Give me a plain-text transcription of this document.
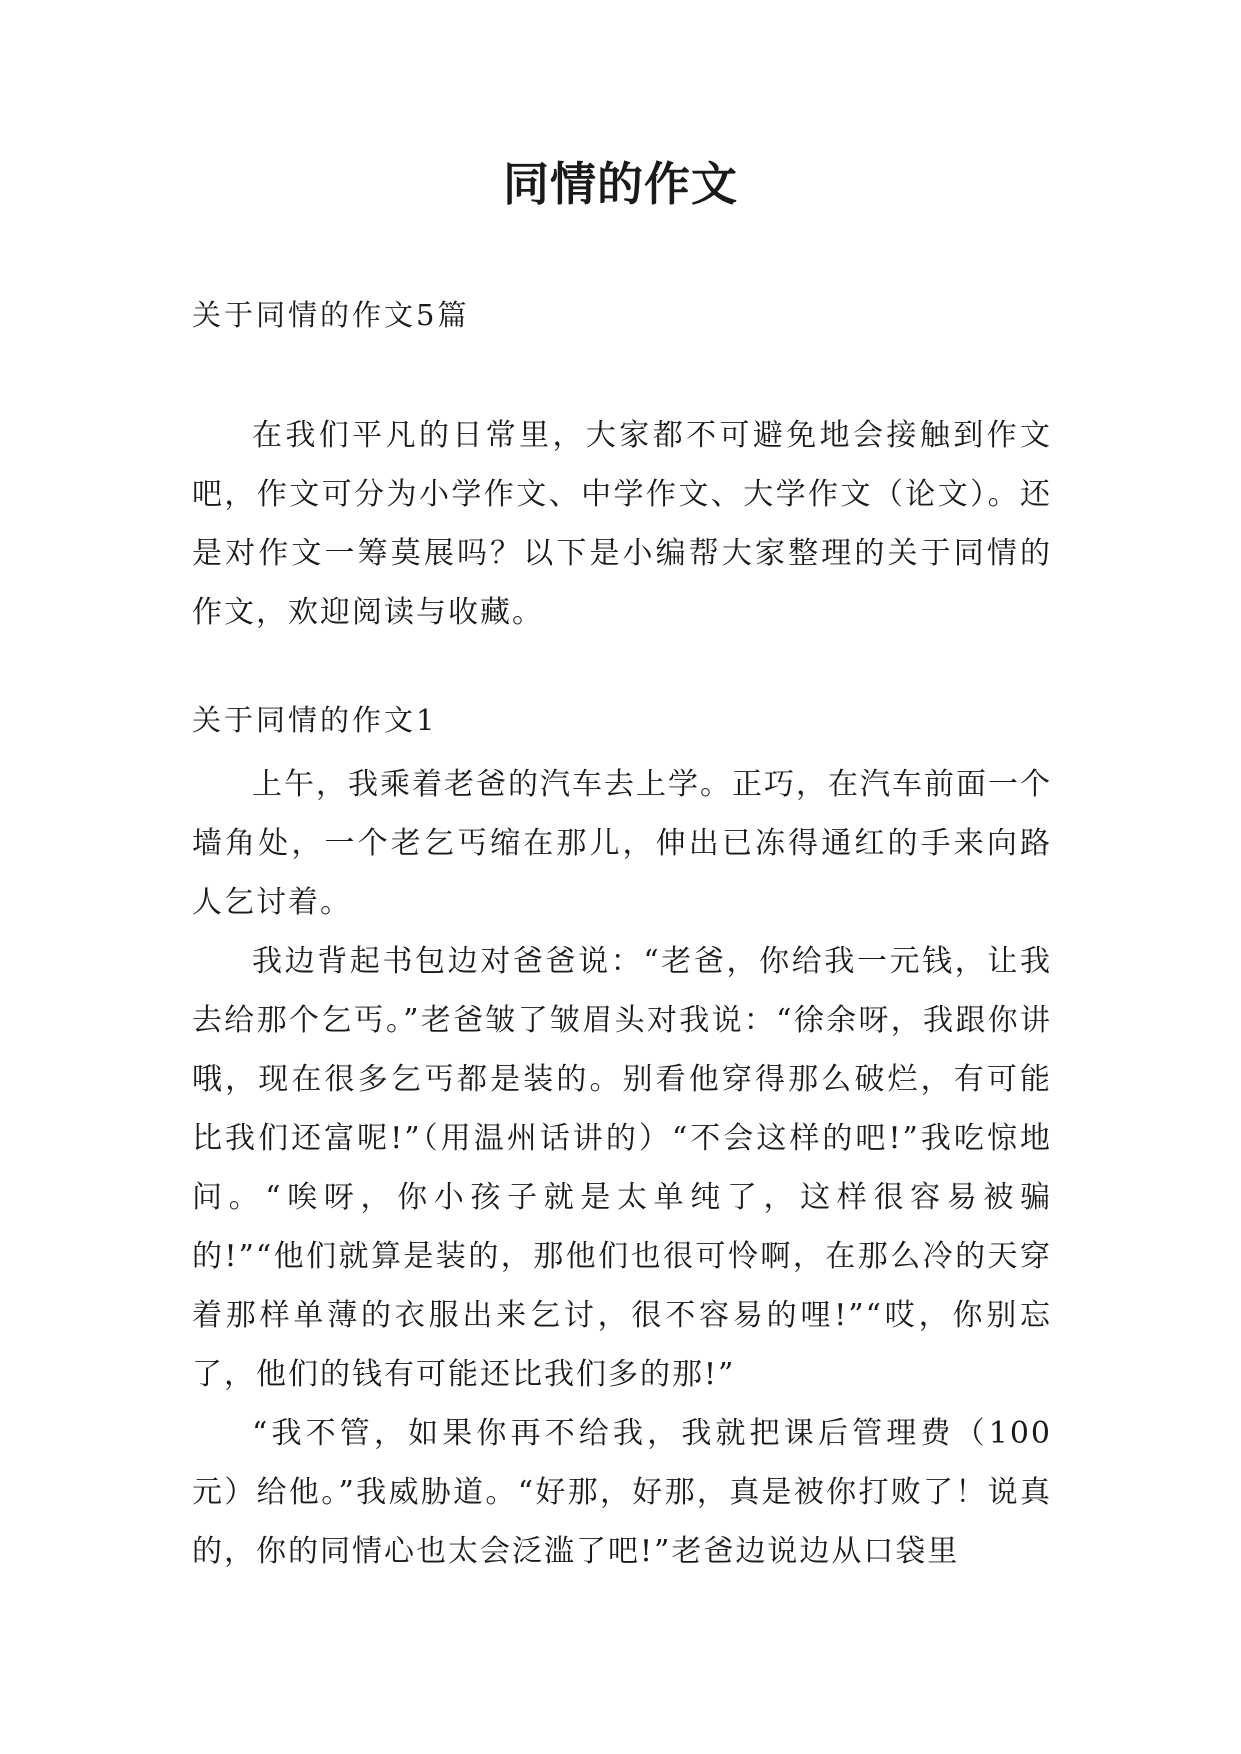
同情的作文
关于同情的作文5篇

在我们平凡的日常里，大家都不可避免地会接触到作文吧，作文可分为小学作文、中学作文、大学作文（论文）。还是对作文一筹莫展吗？以下是小编帮大家整理的关于同情的作文，欢迎阅读与收藏。

关于同情的作文1

上午，我乘着老爸的汽车去上学。正巧，在汽车前面一个墙角处，一个老乞丐缩在那儿，伸出已冻得通红的手来向路人乞讨着。

我边背起书包边对爸爸说：“老爸，你给我一元钱，让我去给那个乞丐。”老爸皱了皱眉头对我说：“徐余呀，我跟你讲哦，现在很多乞丐都是装的。别看他穿得那么破烂，有可能比我们还富呢!”（用温州话讲的）“不会这样的吧!”我吃惊地问。“唉呀，你小孩子就是太单纯了，这样很容易被骗的!”“他们就算是装的，那他们也很可怜啊，在那么冷的天穿着那样单薄的衣服出来乞讨，很不容易的哩!”“哎，你别忘了，他们的钱有可能还比我们多的那!”

“我不管，如果你再不给我，我就把课后管理费（100元）给他。”我威胁道。“好那，好那，真是被你打败了！说真的，你的同情心也太会泛滥了吧!”老爸边说边从口袋里
